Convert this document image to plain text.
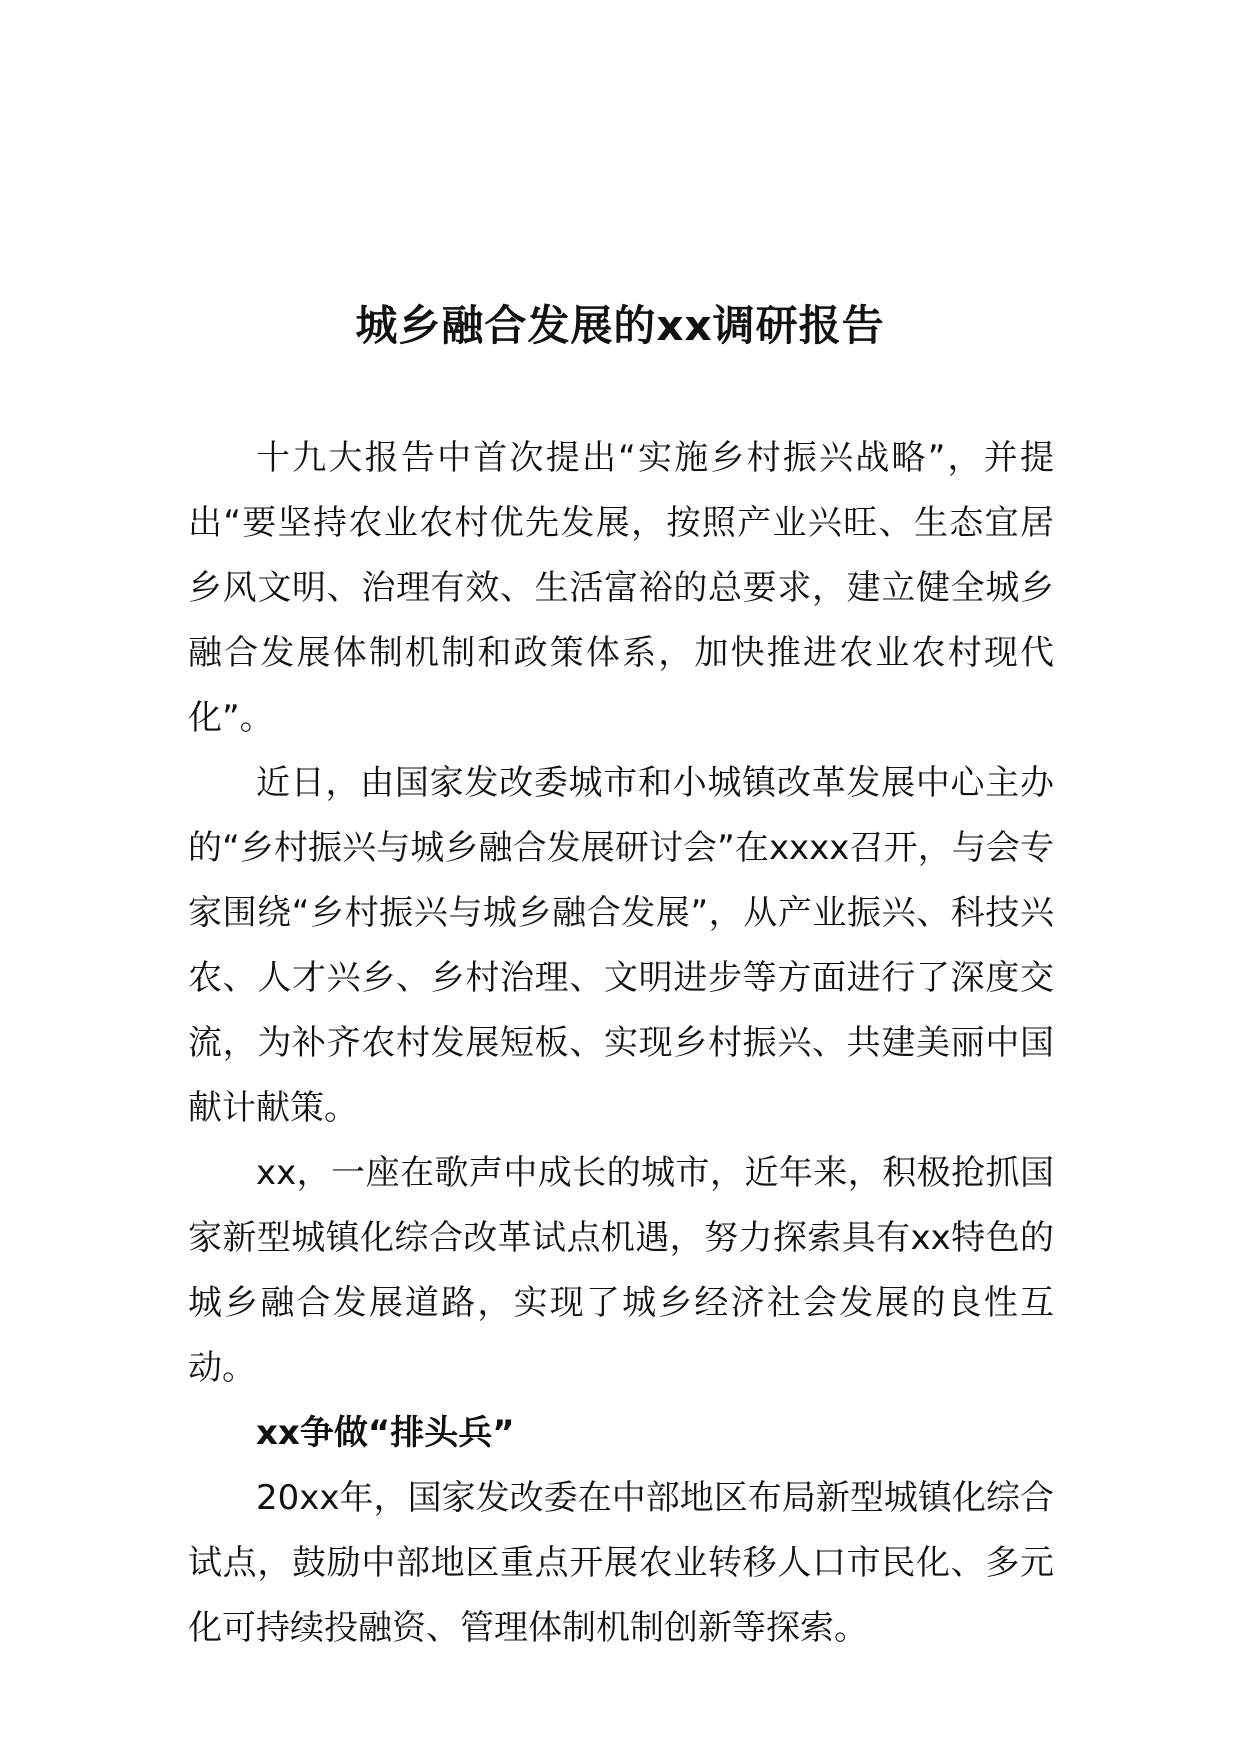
城乡融合发展的xx调研报告

十九大报告中首次提出“实施乡村振兴战略”，并提出“要坚持农业农村优先发展，按照产业兴旺、生态宜居乡风文明、治理有效、生活富裕的总要求，建立健全城乡融合发展体制机制和政策体系，加快推进农业农村现代化”。

近日，由国家发改委城市和小城镇改革发展中心主办的“乡村振兴与城乡融合发展研讨会”在xxxx召开，与会专家围绕“乡村振兴与城乡融合发展”，从产业振兴、科技兴农、人才兴乡、乡村治理、文明进步等方面进行了深度交流，为补齐农村发展短板、实现乡村振兴、共建美丽中国献计献策。

xx，一座在歌声中成长的城市，近年来，积极抢抓国家新型城镇化综合改革试点机遇，努力探索具有xx特色的城乡融合发展道路，实现了城乡经济社会发展的良性互动。

xx争做“排头兵”

20xx年，国家发改委在中部地区布局新型城镇化综合试点，鼓励中部地区重点开展农业转移人口市民化、多元化可持续投融资、管理体制机制创新等探索。
